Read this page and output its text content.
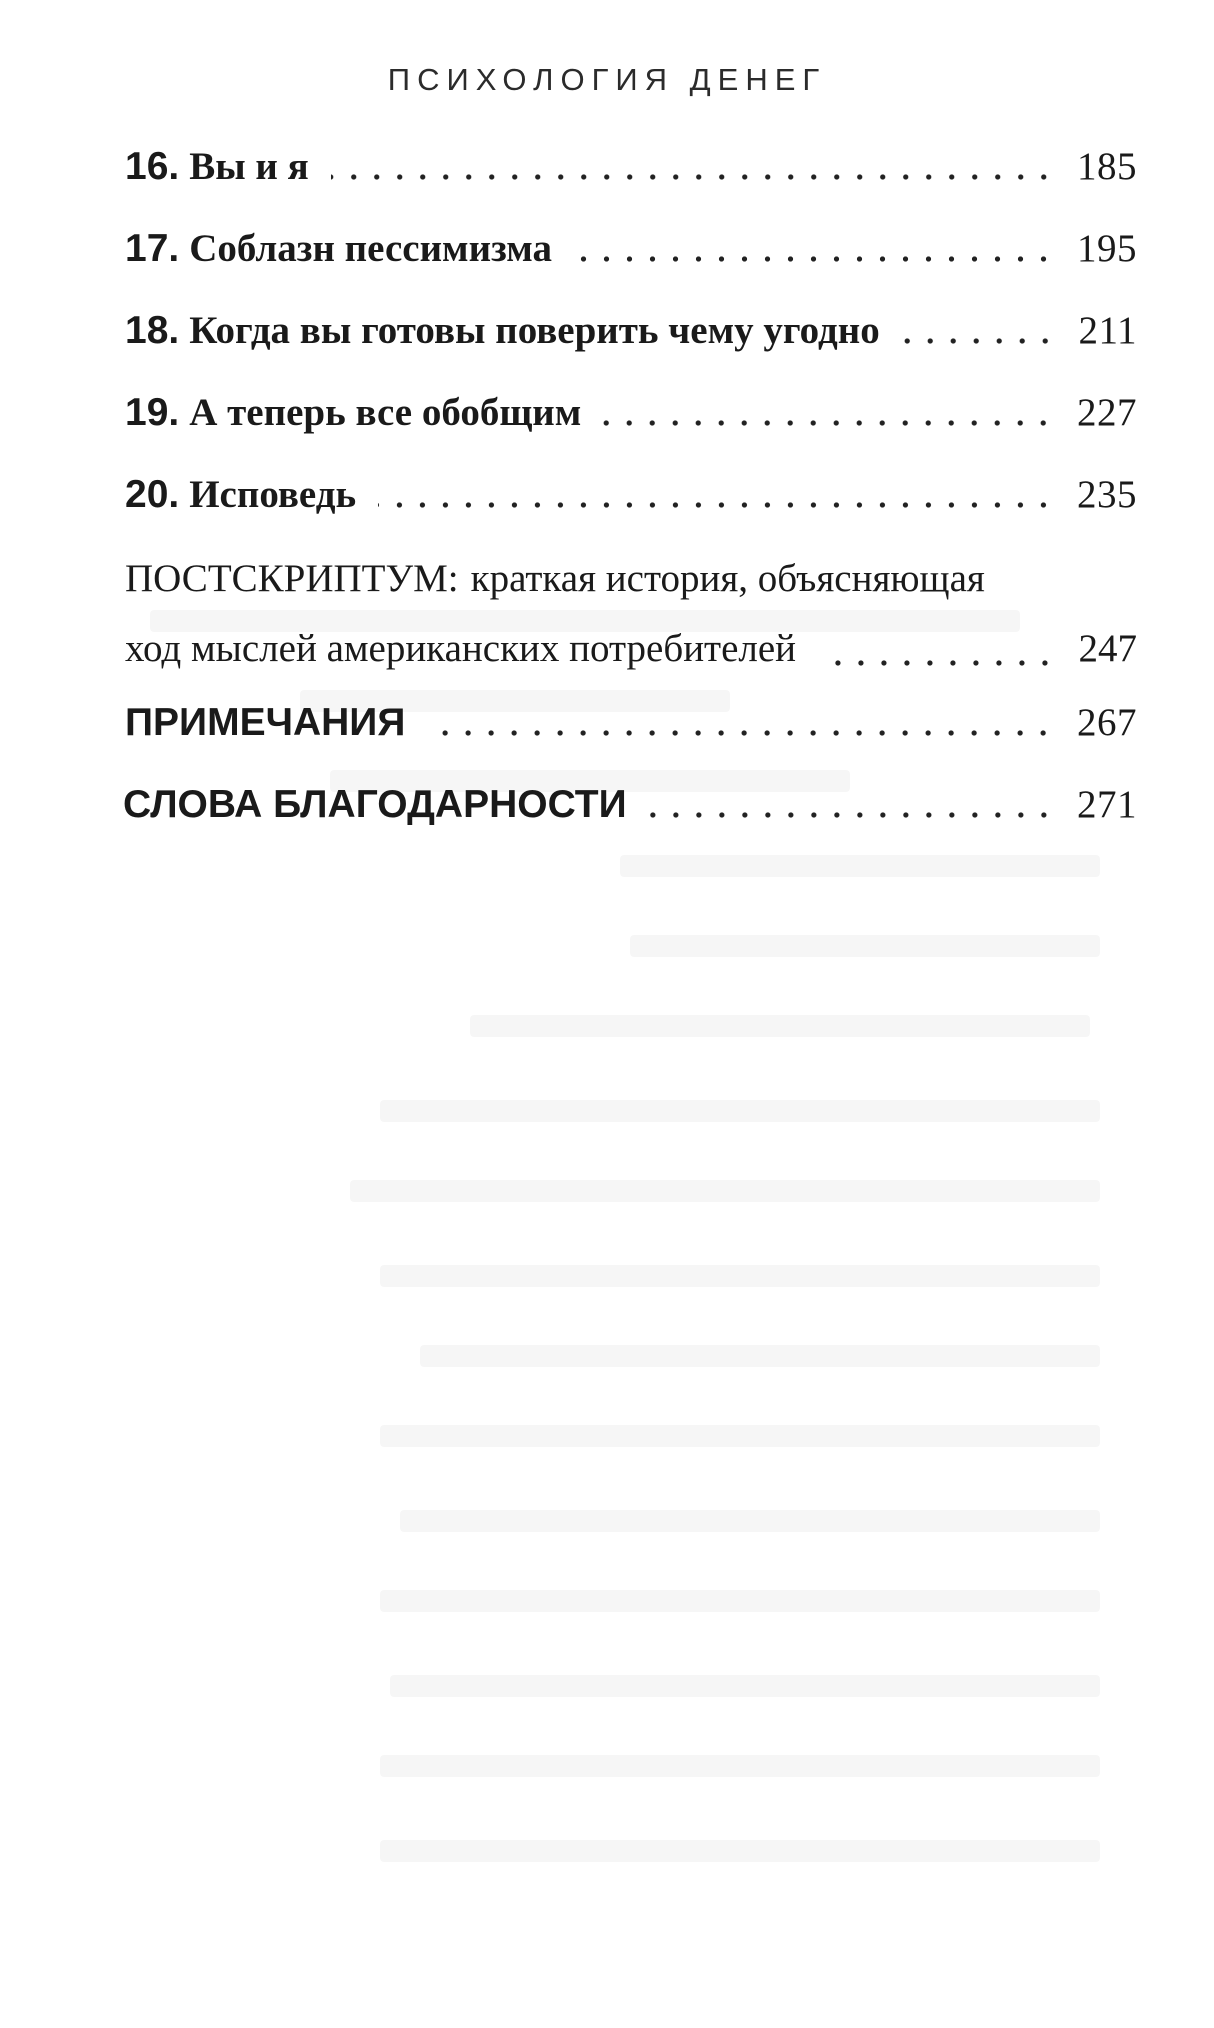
ПСИХОЛОГИЯ ДЕНЕГ
16. Вы и я	185
17. Соблазн пессимизма	195
18. Когда вы готовы поверить чему угодно	211
19. А теперь все обобщим	227
20. Исповедь	235
ПОСТСКРИПТУМ: краткая история, объясняющая
ход мыслей американских потребителей	247
ПРИМЕЧАНИЯ	267
СЛОВА БЛАГОДАРНОСТИ	271
